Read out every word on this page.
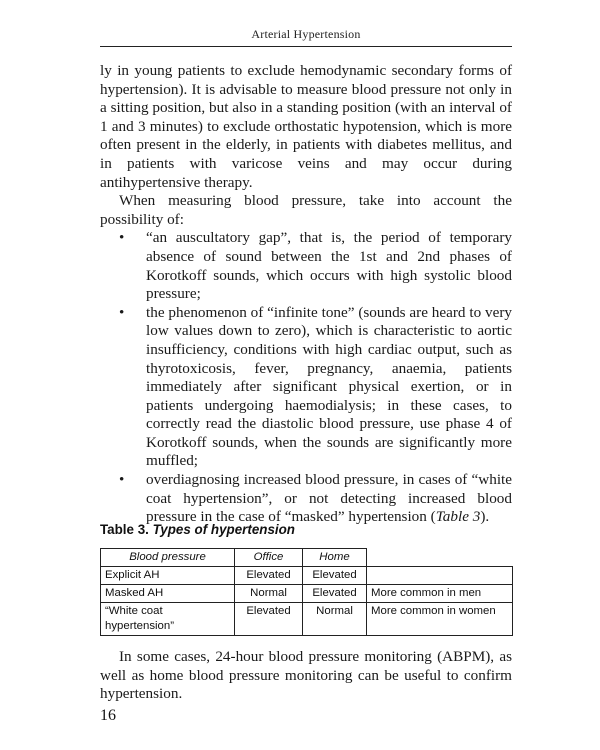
Arterial Hypertension

ly in young patients to exclude hemodynamic secondary forms of hypertension). It is advisable to measure blood pressure not only in a sitting position, but also in a standing position (with an interval of 1 and 3 minutes) to exclude orthostatic hypotension, which is more often present in the elderly, in patients with diabetes mellitus, and in patients with varicose veins and may occur during antihypertensive therapy.

When measuring blood pressure, take into account the possibility of:

• “an auscultatory gap”, that is, the period of temporary absence of sound between the 1st and 2nd phases of Korotkoff sounds, which occurs with high systolic blood pressure;
• the phenomenon of “infinite tone” (sounds are heard to very low values down to zero), which is characteristic to aortic insufficiency, conditions with high cardiac output, such as thyrotoxicosis, fever, pregnancy, anaemia, patients immediately after significant physical exertion, or in patients undergoing haemodialysis; in these cases, to correctly read the diastolic blood pressure, use phase 4 of Korotkoff sounds, when the sounds are significantly more muffled;
• overdiagnosing increased blood pressure, in cases of “white coat hypertension”, or not detecting increased blood pressure in the case of “masked” hypertension (Table 3).
Table 3. Types of hypertension
Blood pressure	Office	Home	
Explicit AH	Elevated	Elevated	
Masked AH	Normal	Elevated	More common in men
“White coat hypertension”	Elevated	Normal	More common in women

In some cases, 24-hour blood pressure monitoring (ABPM), as well as home blood pressure monitoring can be useful to confirm hypertension.

16
